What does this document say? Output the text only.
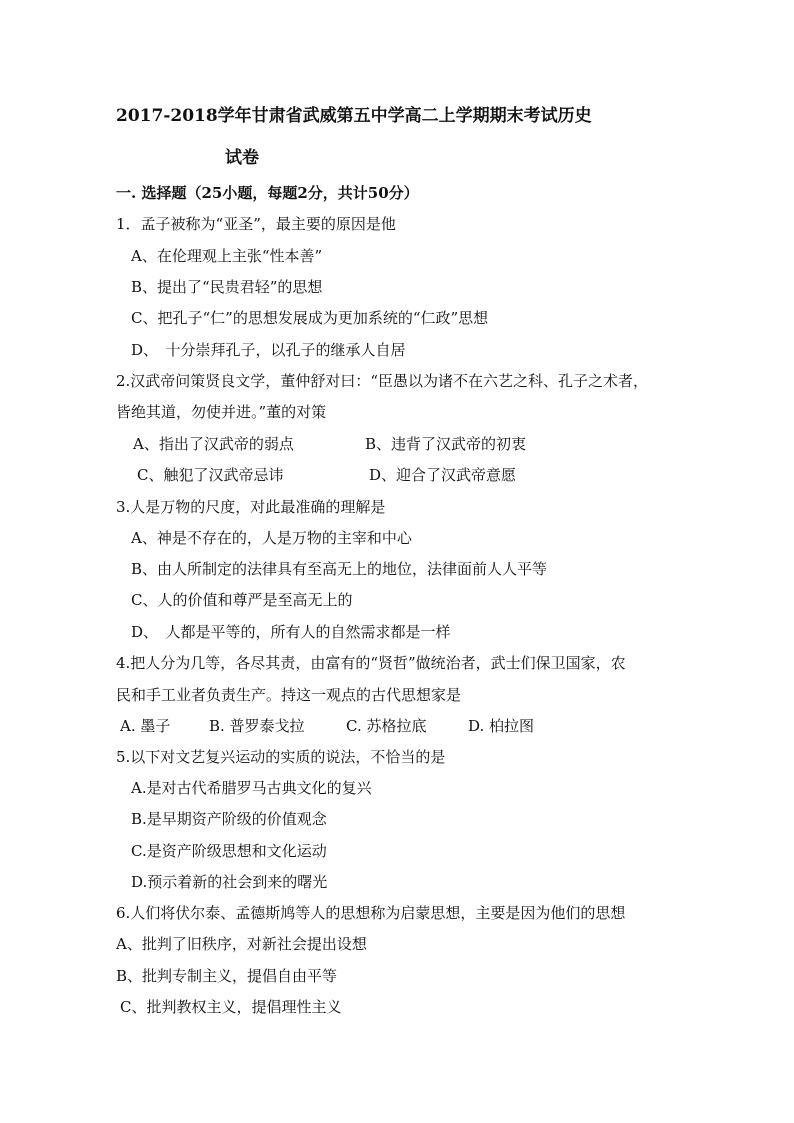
2017-2018学年甘肃省武威第五中学高二上学期期末考试历史
试卷
一. 选择题（25小题，每题2分，共计50分）
1．孟子被称为“亚圣”，最主要的原因是他
A、在伦理观上主张“性本善”
B、提出了“民贵君轻”的思想
C、把孔子“仁”的思想发展成为更加系统的“仁政”思想
D、　十分崇拜孔子，以孔子的继承人自居
2.汉武帝问策贤良文学，董仲舒对曰：“臣愚以为诸不在六艺之科、孔子之术者，
皆绝其道，勿使并进。”董的对策
A、指出了汉武帝的弱点	B、违背了汉武帝的初衷
C、触犯了汉武帝忌讳	D、迎合了汉武帝意愿
3.人是万物的尺度，对此最准确的理解是
A、神是不存在的，人是万物的主宰和中心
B、由人所制定的法律具有至高无上的地位，法律面前人人平等
C、人的价值和尊严是至高无上的
D、　人都是平等的，所有人的自然需求都是一样
4.把人分为几等，各尽其责，由富有的“贤哲”做统治者，武士们保卫国家，农
民和手工业者负责生产。持这一观点的古代思想家是
A. 墨子	B. 普罗泰戈拉	C. 苏格拉底	D. 柏拉图
5.以下对文艺复兴运动的实质的说法，不恰当的是
A.是对古代希腊罗马古典文化的复兴
B.是早期资产阶级的价值观念
C.是资产阶级思想和文化运动
D.预示着新的社会到来的曙光
6.人们将伏尔泰、孟德斯鸠等人的思想称为启蒙思想，主要是因为他们的思想
A、批判了旧秩序，对新社会提出设想
B、批判专制主义，提倡自由平等
C、批判教权主义，提倡理性主义
